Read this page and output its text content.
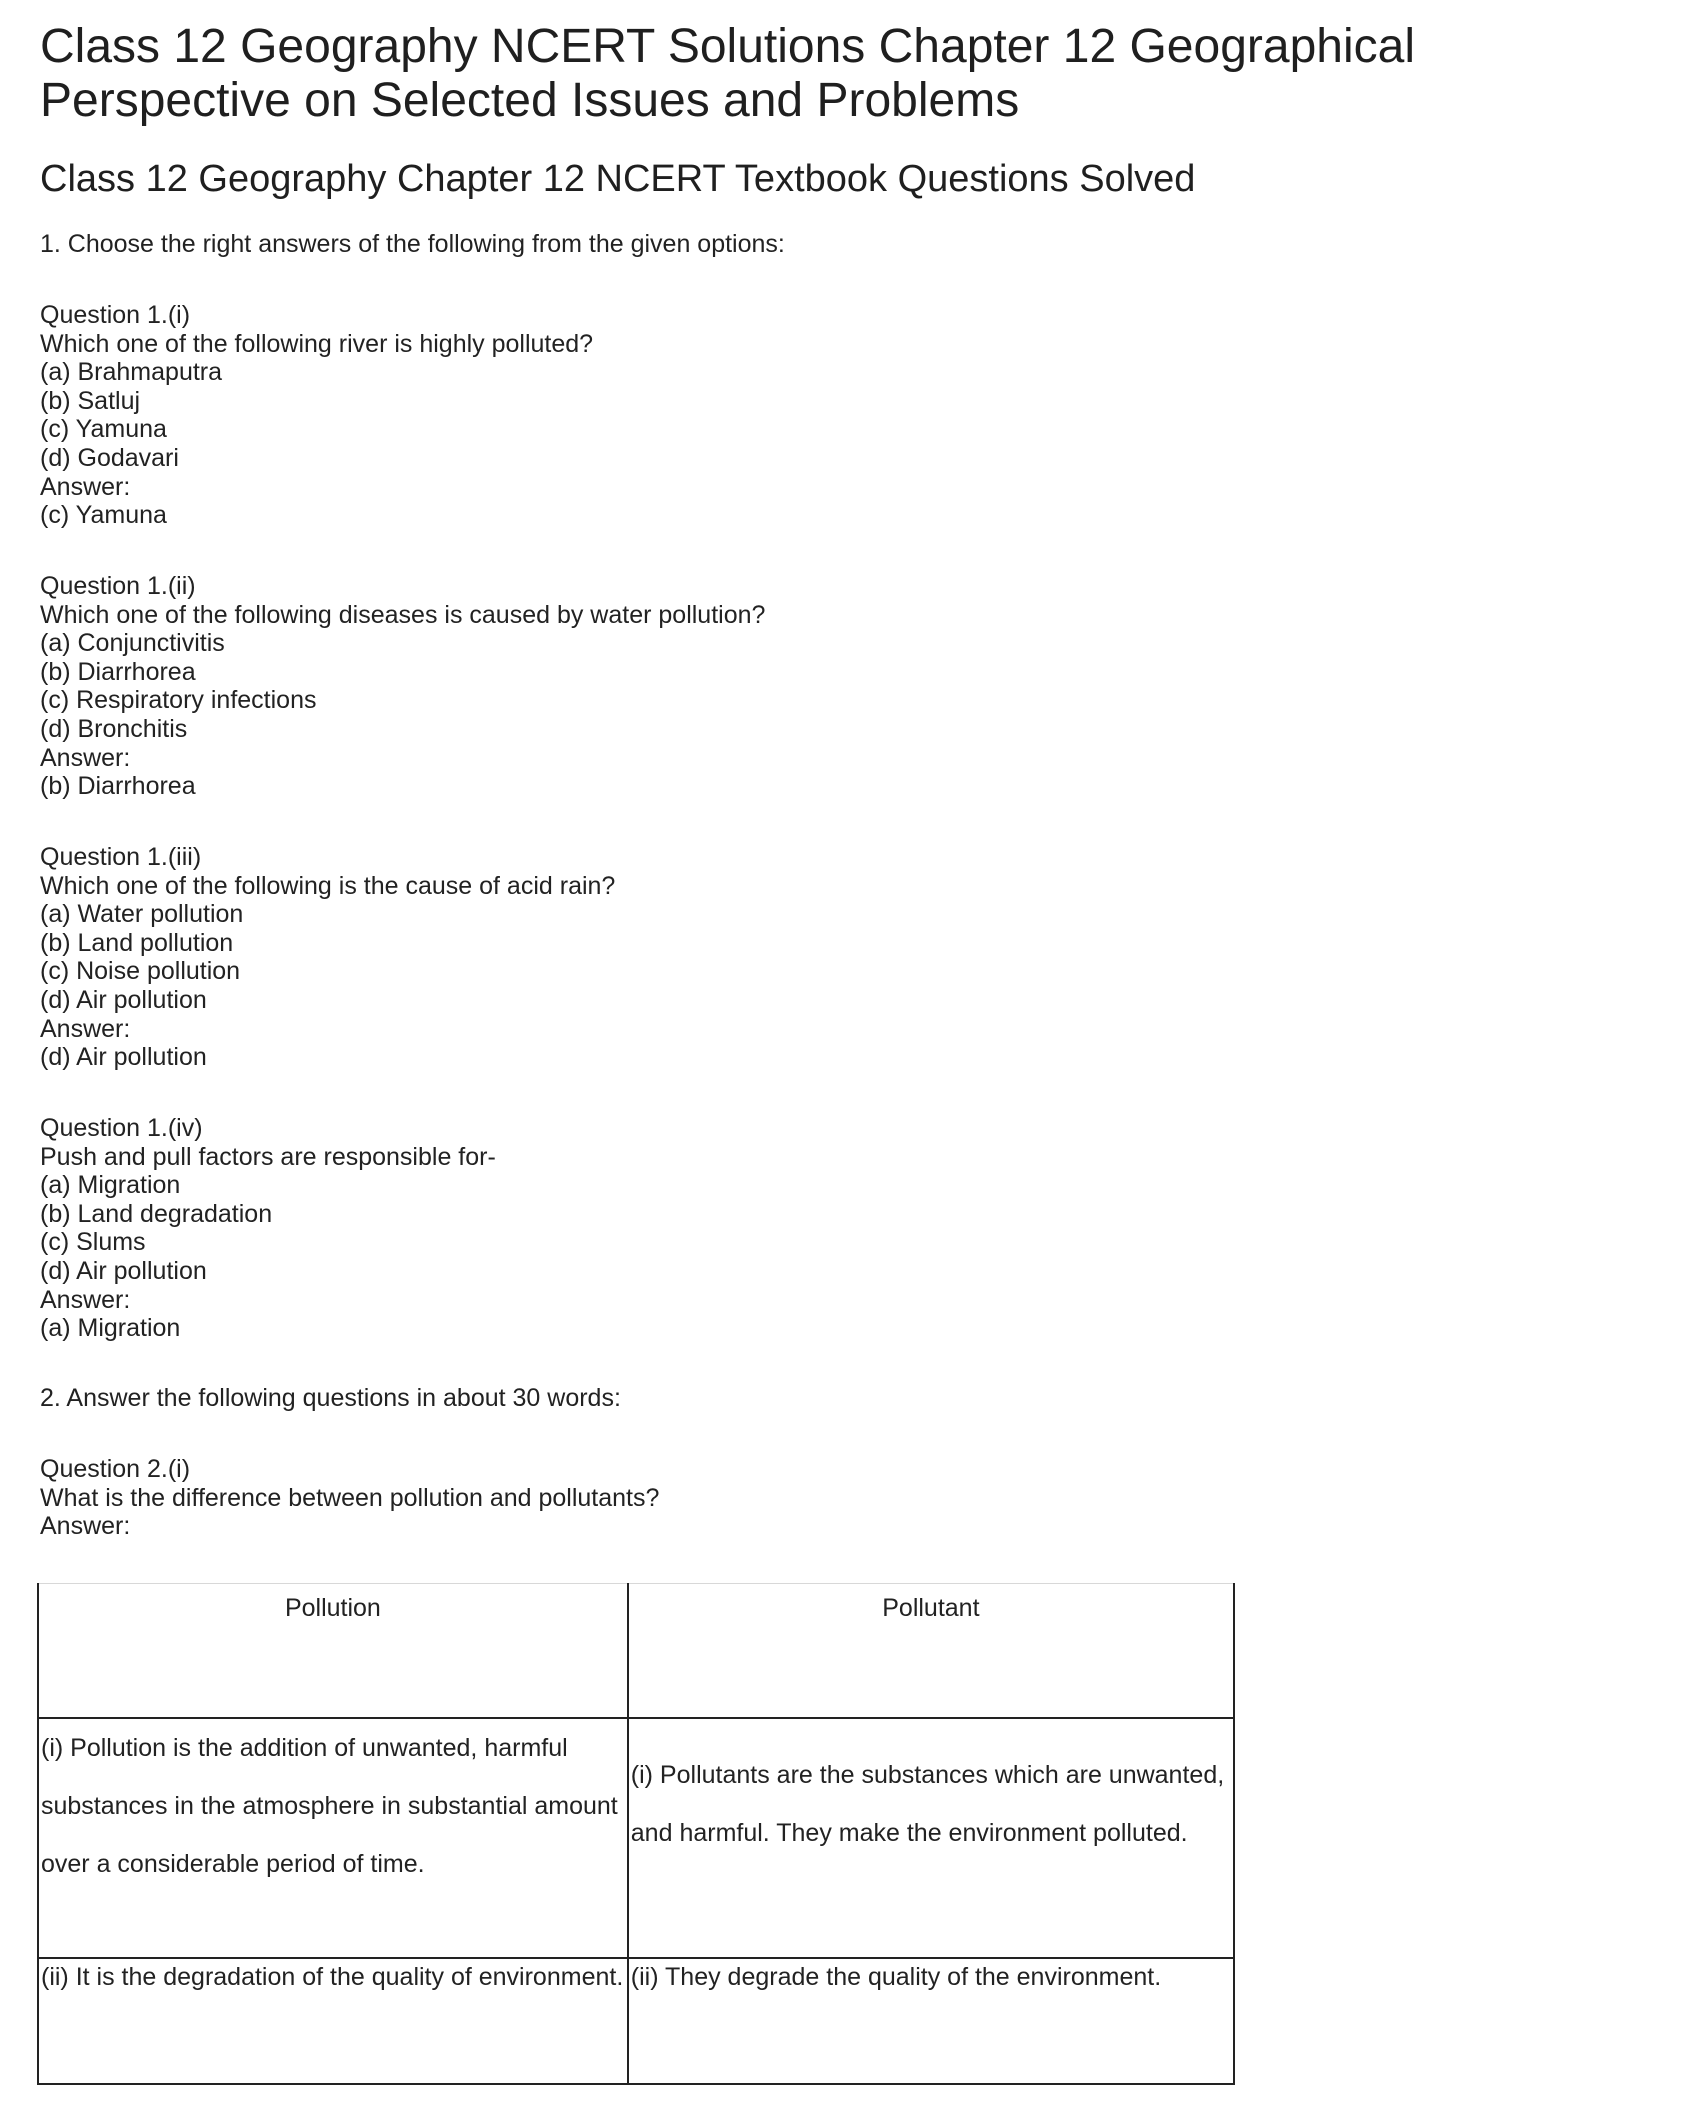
Class 12 Geography NCERT Solutions Chapter 12 Geographical Perspective on Selected Issues and Problems
Class 12 Geography Chapter 12 NCERT Textbook Questions Solved

1. Choose the right answers of the following from the given options:

Question 1.(i)
Which one of the following river is highly polluted?
(a) Brahmaputra
(b) Satluj
(c) Yamuna
(d) Godavari
Answer:
(c) Yamuna
Question 1.(ii)
Which one of the following diseases is caused by water pollution?
(a) Conjunctivitis
(b) Diarrhorea
(c) Respiratory infections
(d) Bronchitis
Answer:
(b) Diarrhorea
Question 1.(iii)
Which one of the following is the cause of acid rain?
(a) Water pollution
(b) Land pollution
(c) Noise pollution
(d) Air pollution
Answer:
(d) Air pollution
Question 1.(iv)
Push and pull factors are responsible for-
(a) Migration
(b) Land degradation
(c) Slums
(d) Air pollution
Answer:
(a) Migration

2. Answer the following questions in about 30 words:

Question 2.(i)
What is the difference between pollution and pollutants?
Answer:
Pollution	Pollutant

(i) Pollution is the addition of unwanted, harmful substances in the atmosphere in substantial amount over a considerable period of time.	(i) Pollutants are the substances which are unwanted, and harmful. They make the environment polluted.

(ii) It is the degradation of the quality of environment.	(ii) They degrade the quality of the environment.
